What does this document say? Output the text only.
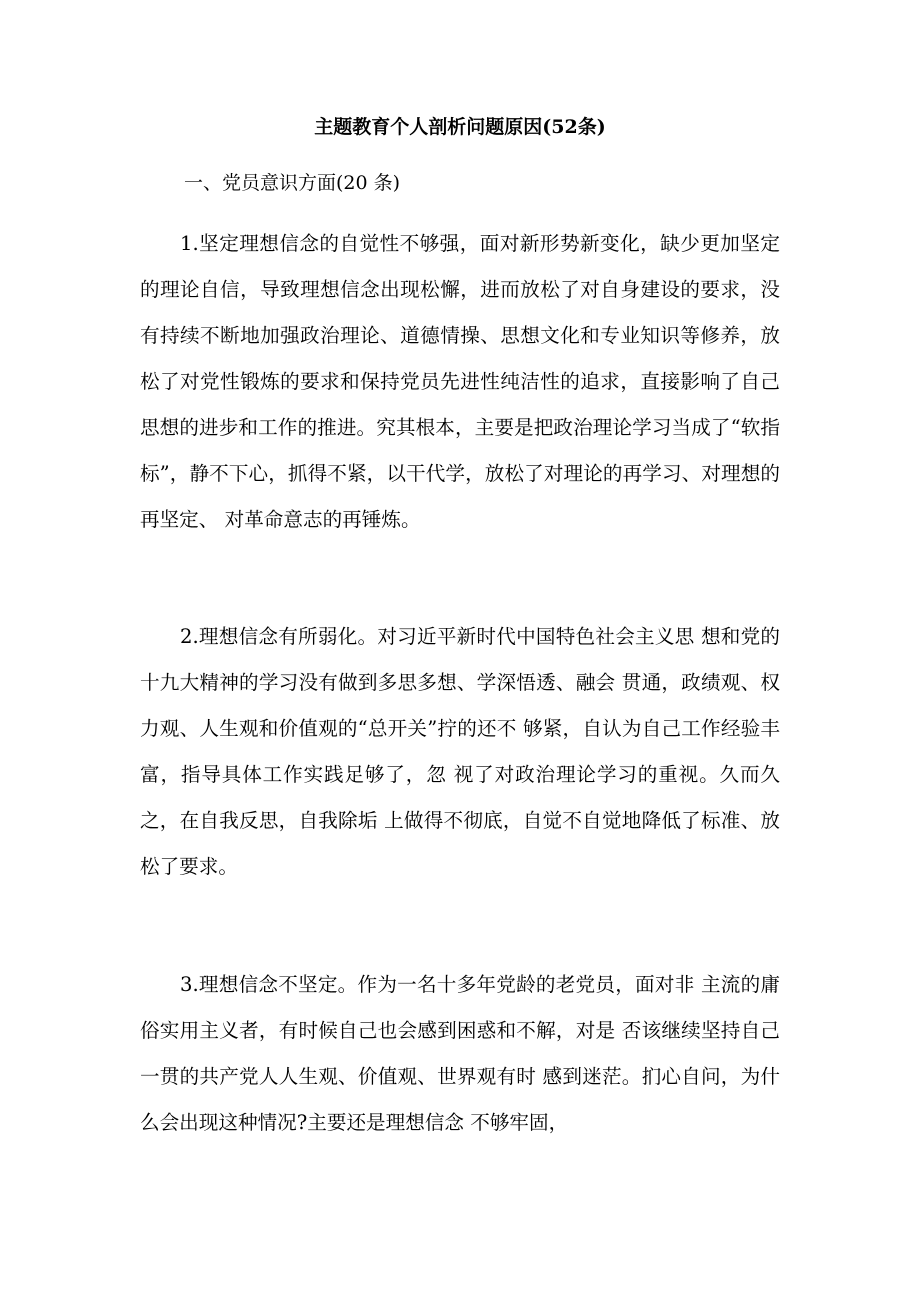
主题教育个人剖析问题原因(52条)

一、党员意识方面(20 条)

1.坚定理想信念的自觉性不够强，面对新形势新变化，缺少更加坚定的理论自信，导致理想信念出现松懈，进而放松了对自身建设的要求，没有持续不断地加强政治理论、道德情操、思想文化和专业知识等修养，放松了对党性锻炼的要求和保持党员先进性纯洁性的追求，直接影响了自己思想的进步和工作的推进。究其根本，主要是把政治理论学习当成了“软指标”，静不下心，抓得不紧，以干代学，放松了对理论的再学习、对理想的再坚定、 对革命意志的再锤炼。

2.理想信念有所弱化。对习近平新时代中国特色社会主义思 想和党的十九大精神的学习没有做到多思多想、学深悟透、融会 贯通，政绩观、权力观、人生观和价值观的“总开关”拧的还不 够紧，自认为自己工作经验丰富，指导具体工作实践足够了，忽 视了对政治理论学习的重视。久而久之，在自我反思，自我除垢 上做得不彻底，自觉不自觉地降低了标准、放松了要求。

3.理想信念不坚定。作为一名十多年党龄的老党员，面对非 主流的庸俗实用主义者，有时候自己也会感到困惑和不解，对是 否该继续坚持自己一贯的共产党人人生观、价值观、世界观有时 感到迷茫。扪心自问，为什么会出现这种情况?主要还是理想信念 不够牢固，
